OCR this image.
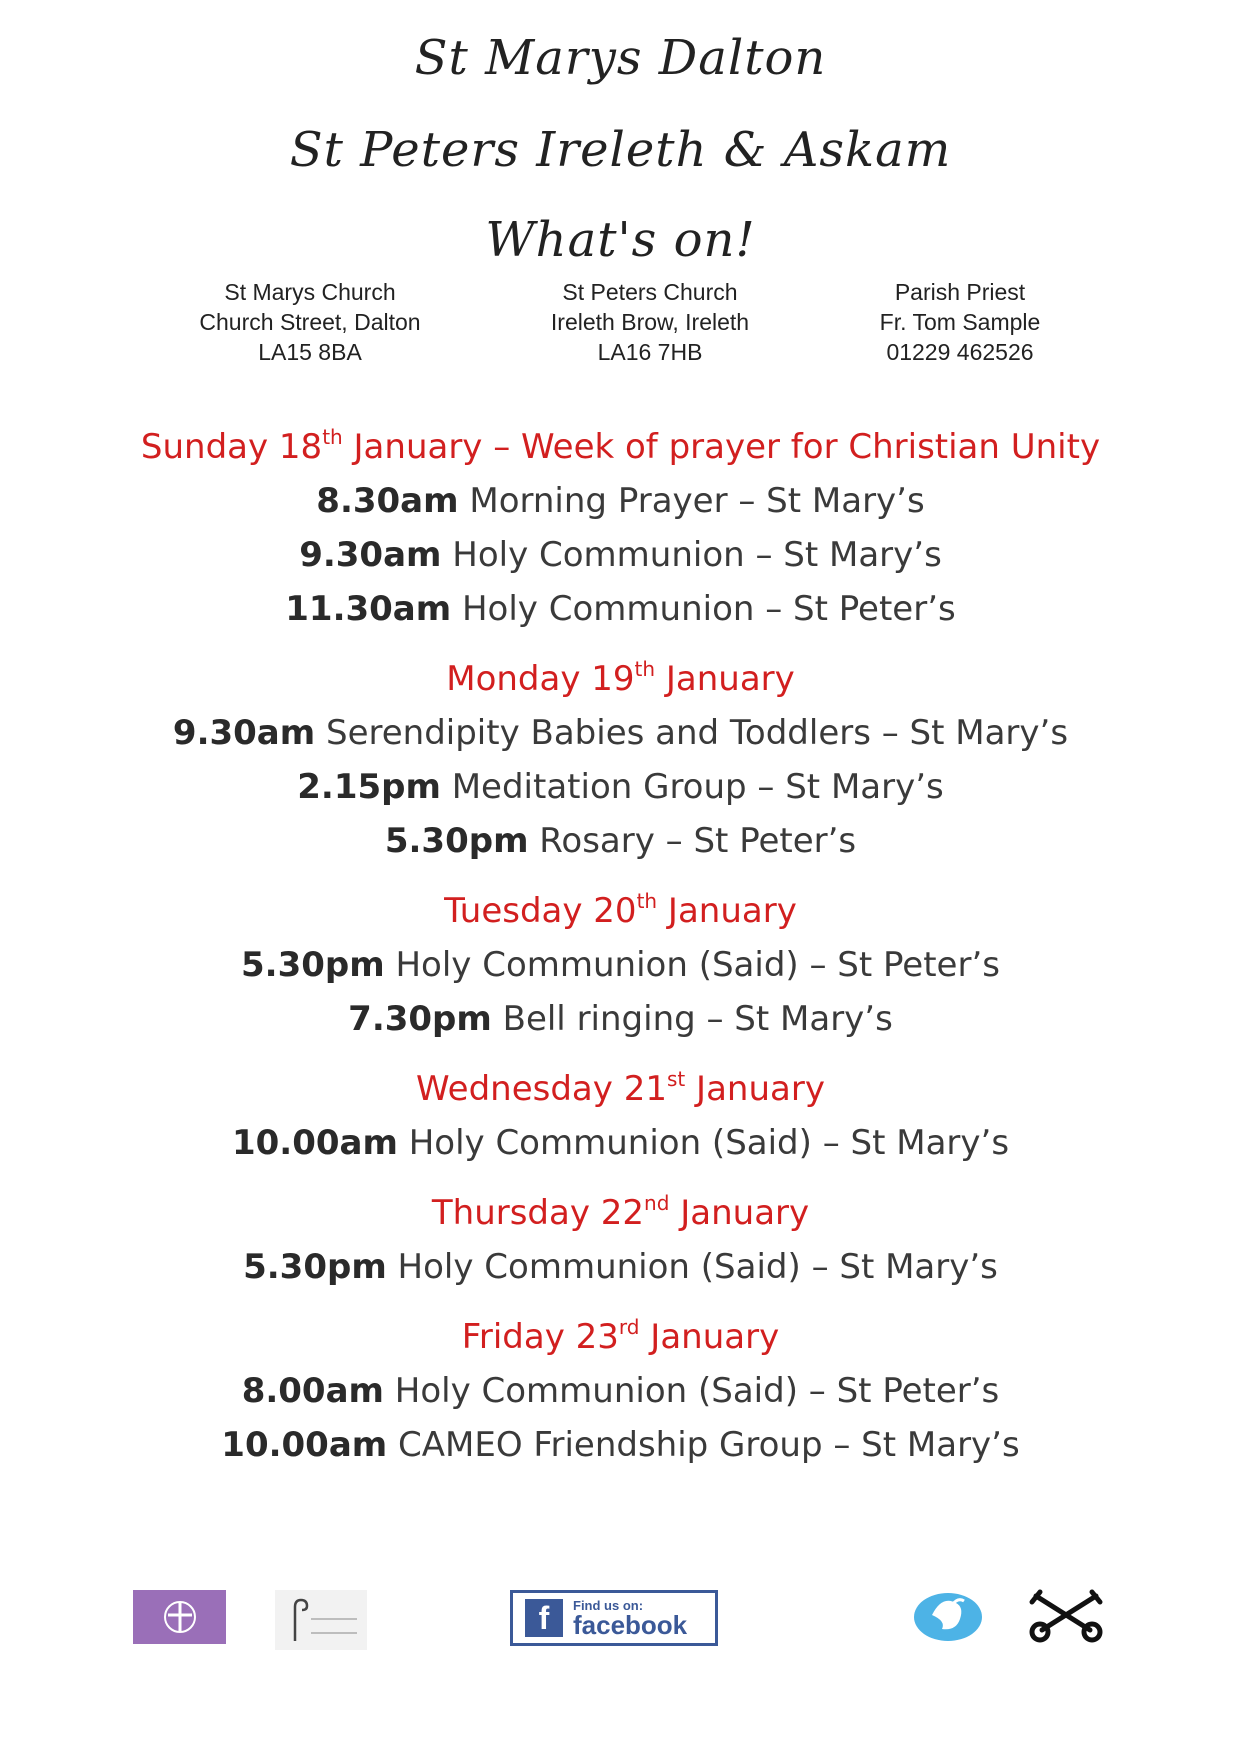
St Marys Dalton
St Peters Ireleth & Askam
What's on!
St Marys Church
Church Street, Dalton
LA15 8BA
St Peters Church
Ireleth Brow, Ireleth
LA16 7HB
Parish Priest
Fr. Tom Sample
01229 462526

Sunday 18th January – Week of prayer for Christian Unity

8.30am Morning Prayer – St Mary’s

9.30am Holy Communion – St Mary’s

11.30am Holy Communion – St Peter’s

Monday 19th January

9.30am Serendipity Babies and Toddlers – St Mary’s

2.15pm Meditation Group – St Mary’s

5.30pm Rosary – St Peter’s

Tuesday 20th January

5.30pm Holy Communion (Said) – St Peter’s

7.30pm Bell ringing – St Mary’s

Wednesday 21st January

10.00am Holy Communion (Said) – St Mary’s

Thursday 22nd January

5.30pm Holy Communion (Said) – St Mary’s

Friday 23rd January

8.00am Holy Communion (Said) – St Peter’s

10.00am CAMEO Friendship Group – St Mary’s

f	Find us on:
facebook
